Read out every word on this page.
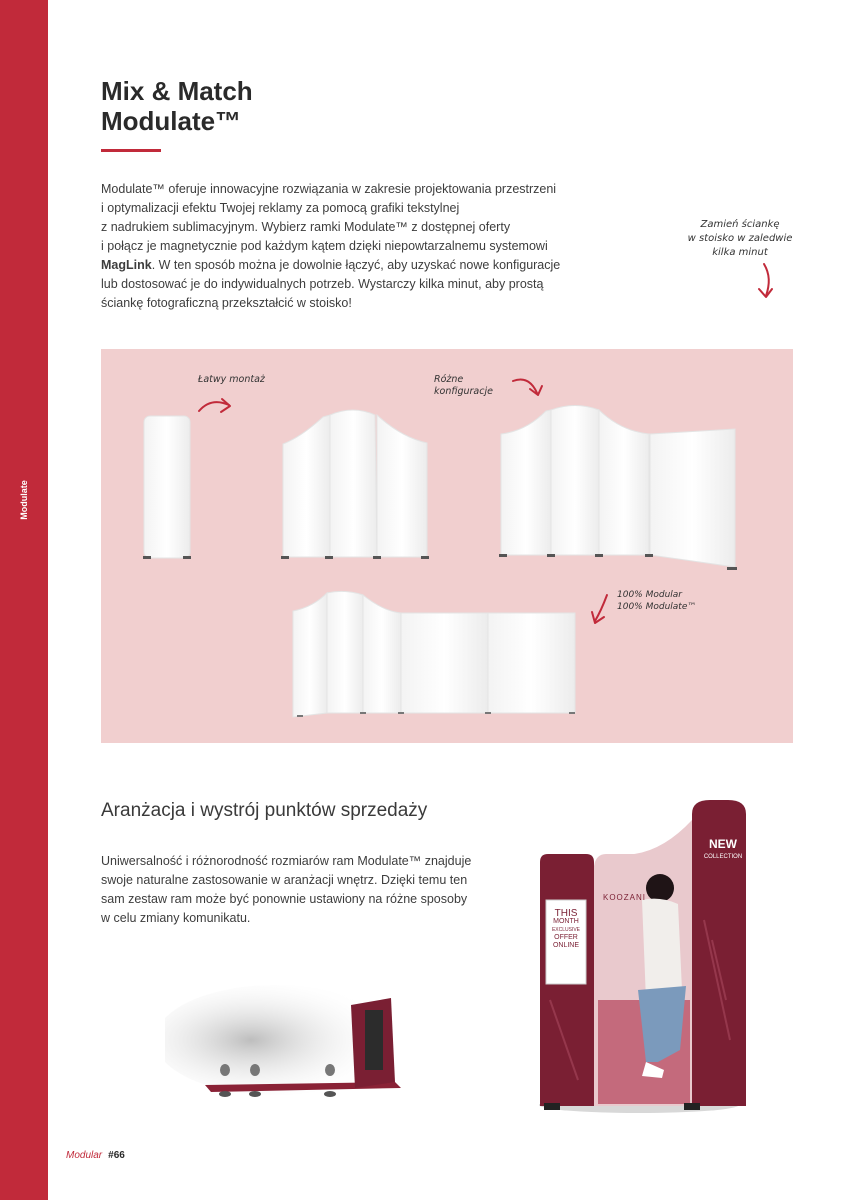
Modulate
Mix & Match
Modulate™
Modulate™ oferuje innowacyjne rozwiązania w zakresie projektowania przestrzeni
i optymalizacji efektu Twojej reklamy za pomocą grafiki tekstylnej
z nadrukiem sublimacyjnym. Wybierz ramki Modulate™ z dostępnej oferty
i połącz je magnetycznie pod każdym kątem dzięki niepowtarzalnemu systemowi
MagLink. W ten sposób można je dowolnie łączyć, aby uzyskać nowe konfiguracje
lub dostosować je do indywidualnych potrzeb. Wystarczy kilka minut, aby prostą
ściankę fotograficzną przekształcić w stoisko!
Zamień ściankę
w stoisko w zaledwie
kilka minut
Łatwy montaż	Różne
konfiguracje
100% Modular
100% Modulate™
Aranżacja i wystrój punktów sprzedaży
Uniwersalność i różnorodność rozmiarów ram Modulate™ znajduje
swoje naturalne zastosowanie w aranżacji wnętrz. Dzięki temu ten
sam zestaw ram może być ponownie ustawiony na różne sposoby
w celu zmiany komunikatu.
NEW
COLLECTION
KOOZANI
THIS
MONTH
EXCLUSIVE
OFFER
ONLINE
Modular #66
